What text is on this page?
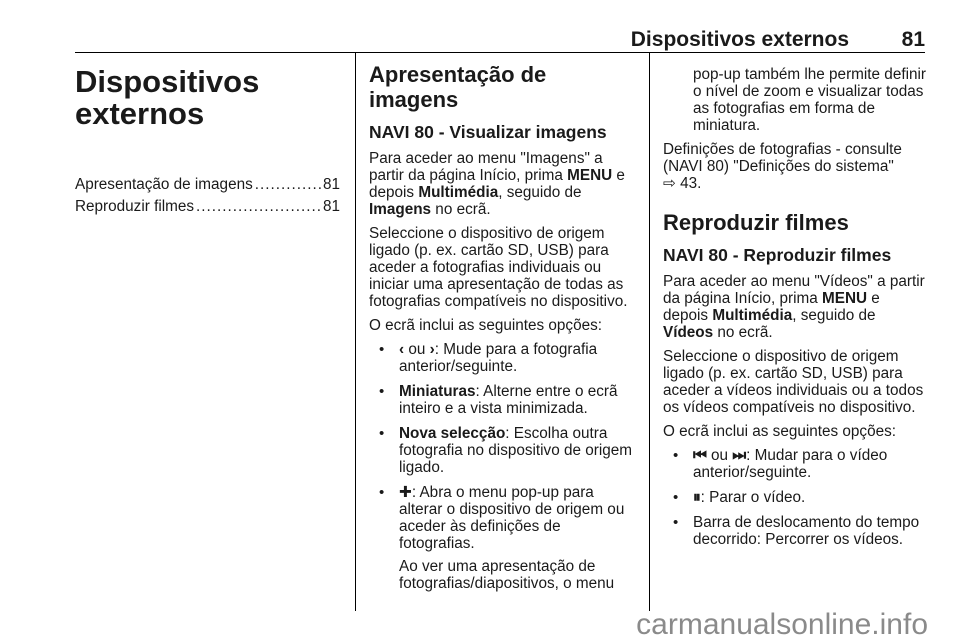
Dispositivos externos	81
Dispositivos
externos
Apresentação de imagens .....	81
Reproduzir filmes .....	81
Apresentação de imagens
NAVI 80 - Visualizar imagens

Para aceder ao menu "Imagens" a partir da página Início, prima MENU e depois Multimédia, seguido de Imagens no ecrã.

Seleccione o dispositivo de origem ligado (p. ex. cartão SD, USB) para aceder a fotografias individuais ou iniciar uma apresentação de todas as fotografias compatíveis no dispositivo.

O ecrã inclui as seguintes opções:

•
‹ ou ›: Mude para a fotografia anterior/seguinte.
•
Miniaturas: Alterne entre o ecrã inteiro e a vista minimizada.
•
Nova selecção: Escolha outra fotografia no dispositivo de origem ligado.
•
✚: Abra o menu pop-up para alterar o dispositivo de origem ou aceder às definições de fotografias.

Ao ver uma apresentação de fotografias/diapositivos, o menu

pop-up também lhe permite definir o nível de zoom e visualizar todas as fotografias em forma de miniatura.

Definições de fotografias - consulte (NAVI 80) "Definições do sistema"
⇨ 43.

Reproduzir filmes
NAVI 80 - Reproduzir filmes

Para aceder ao menu "Vídeos" a partir da página Início, prima MENU e depois Multimédia, seguido de Vídeos no ecrã.

Seleccione o dispositivo de origem ligado (p. ex. cartão SD, USB) para aceder a vídeos individuais ou a todos os vídeos compatíveis no dispositivo.

O ecrã inclui as seguintes opções:

•
⏮ ou ⏭: Mudar para o vídeo anterior/seguinte.
•
⏸: Parar o vídeo.
•
Barra de deslocamento do tempo decorrido: Percorrer os vídeos.
carmanualsonline.info
